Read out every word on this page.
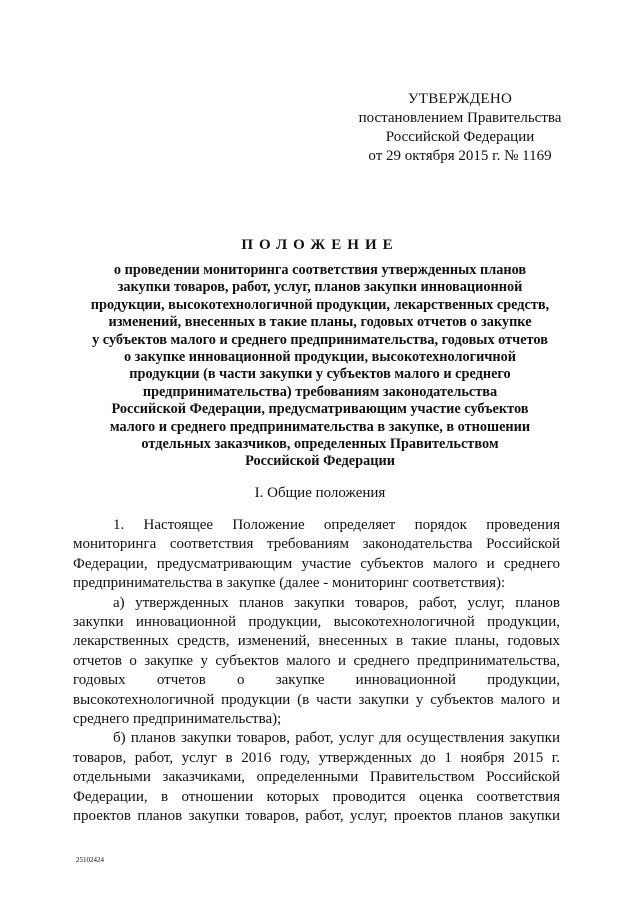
УТВЕРЖДЕНО
постановлением Правительства
Российской Федерации
от 29 октября 2015 г. № 1169
ПОЛОЖЕНИЕ
о проведении мониторинга соответствия утвержденных планов
закупки товаров, работ, услуг, планов закупки инновационной
продукции, высокотехнологичной продукции, лекарственных средств,
изменений, внесенных в такие планы, годовых отчетов о закупке
у субъектов малого и среднего предпринимательства, годовых отчетов
о закупке инновационной продукции, высокотехнологичной
продукции (в части закупки у субъектов малого и среднего
предпринимательства) требованиям законодательства
Российской Федерации, предусматривающим участие субъектов
малого и среднего предпринимательства в закупке, в отношении
отдельных заказчиков, определенных Правительством
Российской Федерации
I. Общие положения
1. Настоящее Положение определяет порядок проведения
мониторинга соответствия требованиям законодательства Российской
Федерации, предусматривающим участие субъектов малого и среднего
предпринимательства в закупке (далее - мониторинг соответствия):
а) утвержденных планов закупки товаров, работ, услуг, планов
закупки инновационной продукции, высокотехнологичной продукции,
лекарственных средств, изменений, внесенных в такие планы, годовых
отчетов о закупке у субъектов малого и среднего предпринимательства,
годовых отчетов о закупке инновационной продукции,
высокотехнологичной продукции (в части закупки у субъектов малого и
среднего предпринимательства);
б) планов закупки товаров, работ, услуг для осуществления закупки
товаров, работ, услуг в 2016 году, утвержденных до 1 ноября 2015 г.
отдельными заказчиками, определенными Правительством Российской
Федерации, в отношении которых проводится оценка соответствия
проектов планов закупки товаров, работ, услуг, проектов планов закупки
25102424
